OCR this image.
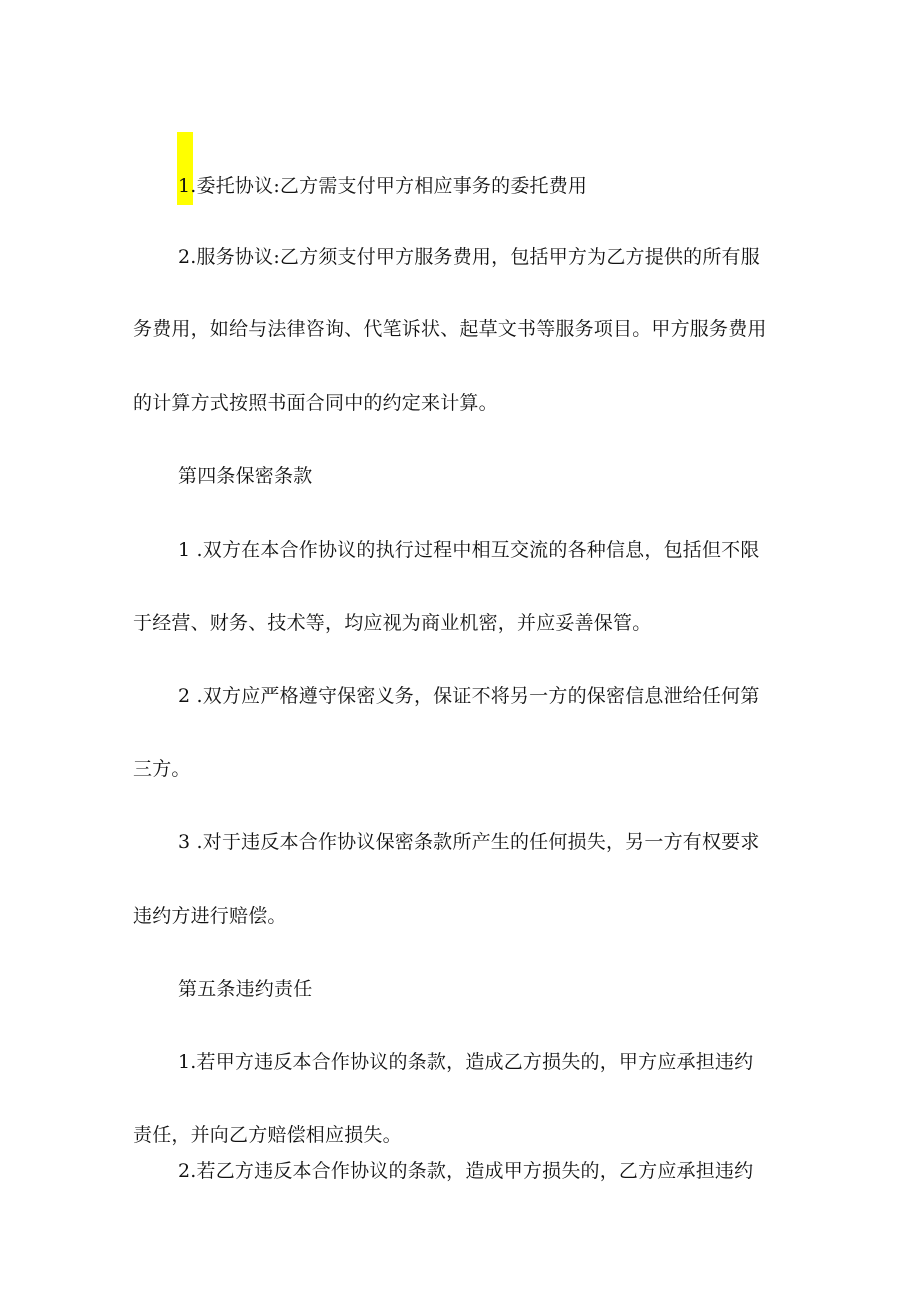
1.委托协议:乙方需支付甲方相应事务的委托费用

2.服务协议:乙方须支付甲方服务费用，包括甲方为乙方提供的所有服

务费用，如给与法律咨询、代笔诉状、起草文书等服务项目。甲方服务费用

的计算方式按照书面合同中的约定来计算。

第四条保密条款

1 .双方在本合作协议的执行过程中相互交流的各种信息，包括但不限

于经营、财务、技术等，均应视为商业机密，并应妥善保管。

2 .双方应严格遵守保密义务，保证不将另一方的保密信息泄给任何第

三方。

3 .对于违反本合作协议保密条款所产生的任何损失，另一方有权要求

违约方进行赔偿。

第五条违约责任

1.若甲方违反本合作协议的条款，造成乙方损失的，甲方应承担违约

责任，并向乙方赔偿相应损失。

2.若乙方违反本合作协议的条款，造成甲方损失的，乙方应承担违约
